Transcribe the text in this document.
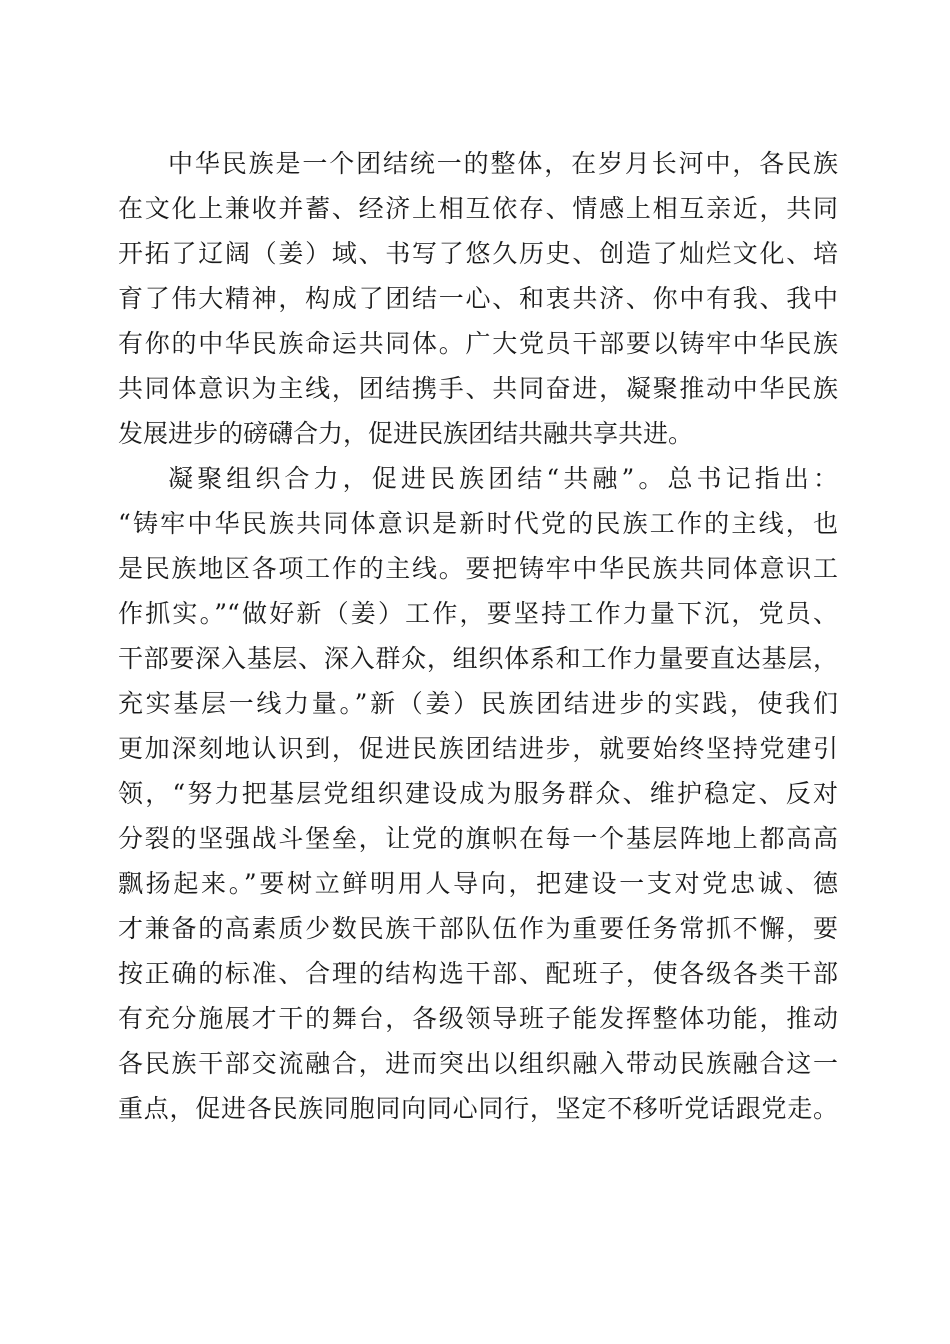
中华民族是一个团结统一的整体，在岁月长河中，各民族
在文化上兼收并蓄、经济上相互依存、情感上相互亲近，共同
开拓了辽阔（姜）域、书写了悠久历史、创造了灿烂文化、培
育了伟大精神，构成了团结一心、和衷共济、你中有我、我中
有你的中华民族命运共同体。广大党员干部要以铸牢中华民族
共同体意识为主线，团结携手、共同奋进，凝聚推动中华民族
发展进步的磅礴合力，促进民族团结共融共享共进。
凝聚组织合力，促进民族团结“共融”。总书记指出：
“铸牢中华民族共同体意识是新时代党的民族工作的主线，也
是民族地区各项工作的主线。要把铸牢中华民族共同体意识工
作抓实。”“做好新（姜）工作，要坚持工作力量下沉，党员、
干部要深入基层、深入群众，组织体系和工作力量要直达基层，
充实基层一线力量。”新（姜）民族团结进步的实践，使我们
更加深刻地认识到，促进民族团结进步，就要始终坚持党建引
领，“努力把基层党组织建设成为服务群众、维护稳定、反对
分裂的坚强战斗堡垒，让党的旗帜在每一个基层阵地上都高高
飘扬起来。”要树立鲜明用人导向，把建设一支对党忠诚、德
才兼备的高素质少数民族干部队伍作为重要任务常抓不懈，要
按正确的标准、合理的结构选干部、配班子，使各级各类干部
有充分施展才干的舞台，各级领导班子能发挥整体功能，推动
各民族干部交流融合，进而突出以组织融入带动民族融合这一
重点，促进各民族同胞同向同心同行，坚定不移听党话跟党走。
